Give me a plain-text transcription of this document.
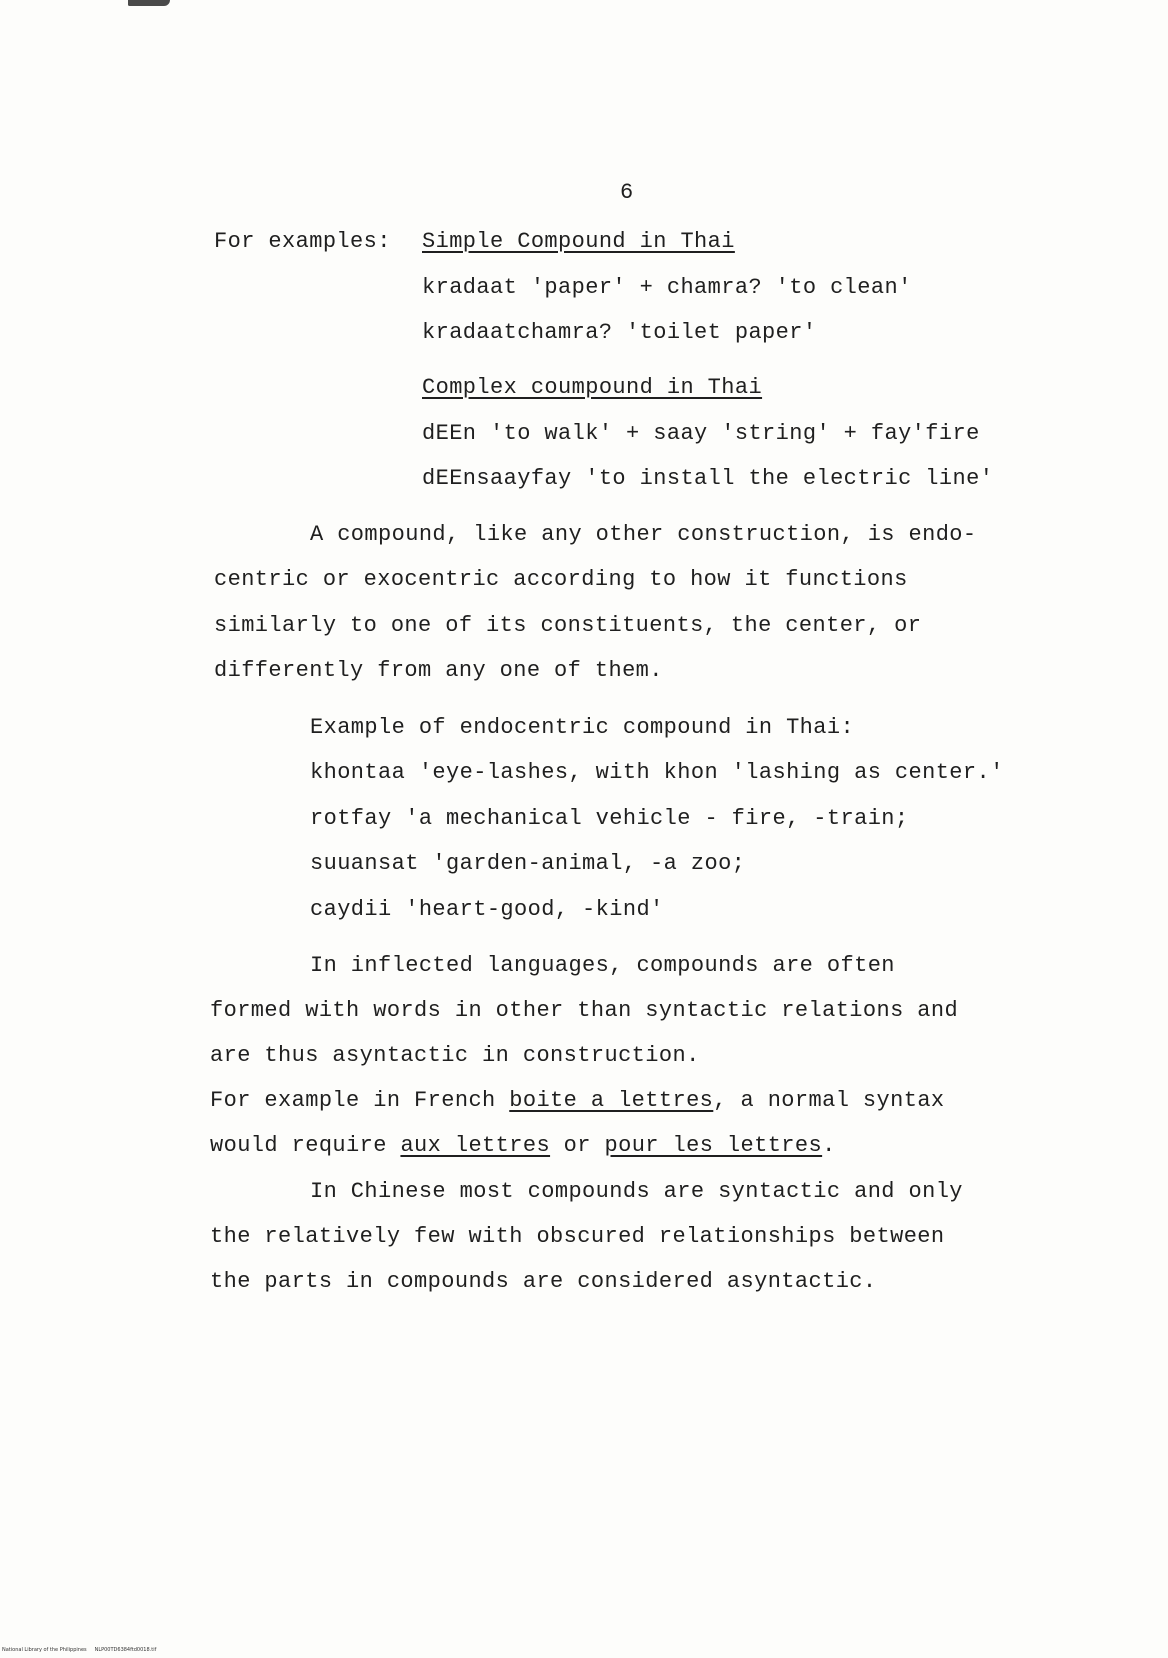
6
For examples: Simple Compound in Thai
kradaat 'paper' + chamra? 'to clean'
kradaatchamra? 'toilet paper'
Complex coumpound in Thai
dEEn 'to walk' + saay 'string' + fay'fire
dEEnsaayfay 'to install the electric line'
A compound, like any other construction, is endo-
centric or exocentric according to how it functions
similarly to one of its constituents, the center, or
differently from any one of them.
Example of endocentric compound in Thai:
khontaa 'eye-lashes, with khon 'lashing as center.'
rotfay 'a mechanical vehicle - fire, -train;
suuansat 'garden-animal, -a zoo;
caydii 'heart-good, -kind'
In inflected languages, compounds are often
formed with words in other than syntactic relations and
are thus asyntactic in construction.
For example in French boite a lettres, a normal syntax
would require aux lettres or pour les lettres.
In Chinese most compounds are syntactic and only
the relatively few with obscured relationships between
the parts in compounds are considered asyntactic.
National Library of the Philippines     NLP00TD6384ftd0018.tif
